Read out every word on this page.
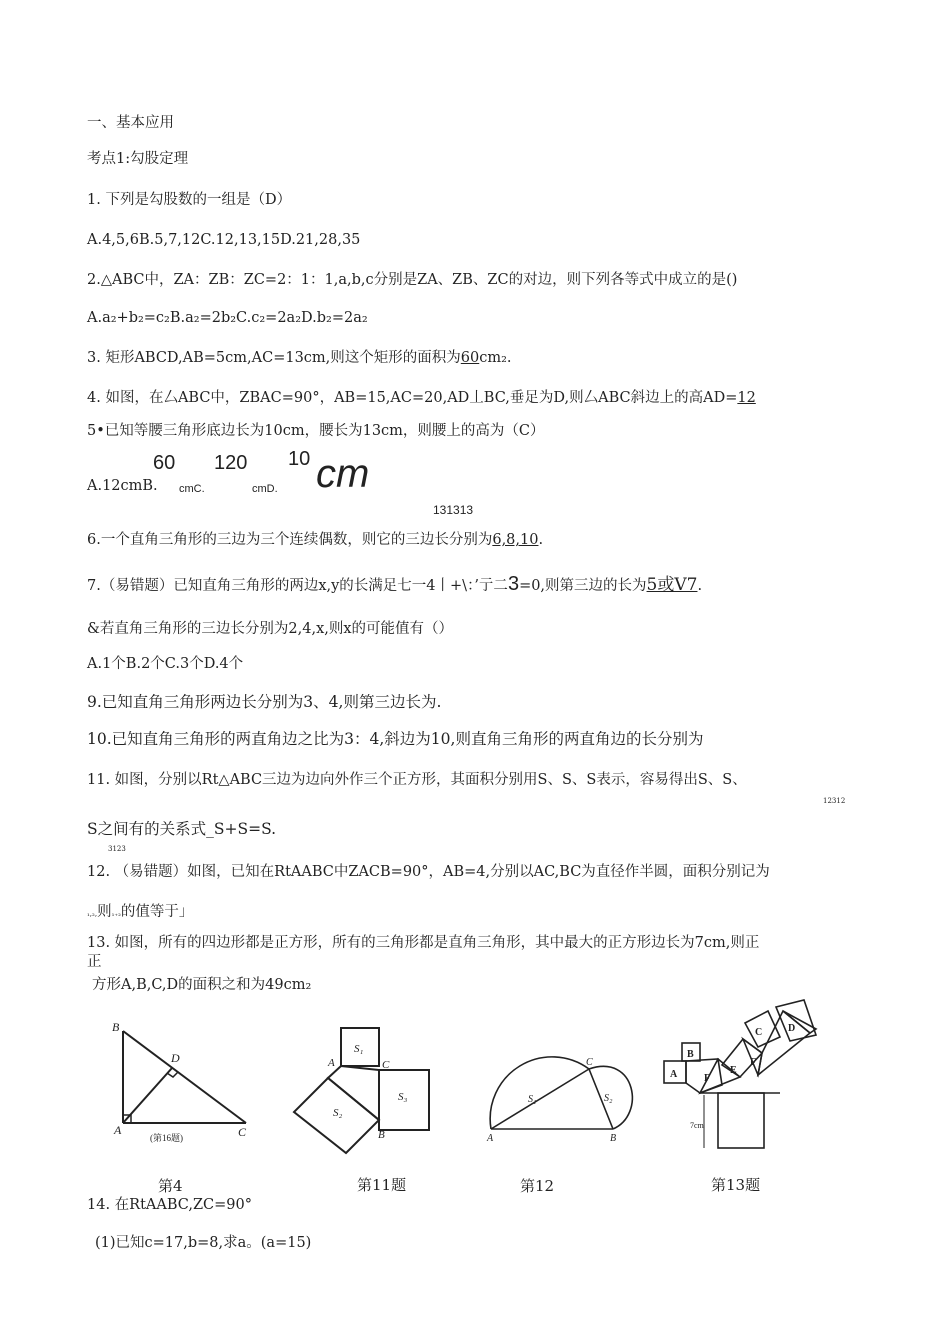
一、基本应用
考点1:勾股定理
1. 下列是勾股数的一组是（D）
A.4,5,6B.5,7,12C.12,13,15D.21,28,35
2.△ABC中，ZA：ZB：ZC=2：1：1,a,b,c分别是ZA、ZB、ZC的对边，则下列各等式中成立的是()
A.a₂+b₂=c₂B.a₂=2b₂C.c₂=2a₂D.b₂=2a₂
3. 矩形ABCD,AB=5cm,AC=13cm,则这个矩形的面积为60cm₂.
4. 如图，在厶ABC中，ZBAC=90°，AB=15,AC=20,AD丄BC,垂足为D,则厶ABC斜边上的高AD=12
5•已知等腰三角形底边长为10cm，腰长为13cm，则腰上的高为（C）
A.12cmB.
60
cmC.
120
cmD.
10 cm
131313
6.一个直角三角形的三边为三个连续偶数，则它的三边长分别为6,8,10.
7.（易错题）已知直角三角形的两边x,y的长满足七一4丨+\：’亍二3=0,则第三边的长为5或V7.
&若直角三角形的三边长分别为2,4,x,则x的可能值有（）
A.1个B.2个C.3个D.4个
9.已知直角三角形两边长分别为3、4,则第三边长为.
10.已知直角三角形的两直角边之比为3：4,斜边为10,则直角三角形的两直角边的长分别为
11. 如图，分别以Rt△ABC三边为边向外作三个正方形，其面积分别用S、S、S表示，容易得出S、S、
12312
S之间有的关系式_S+S=S.
3123
12. （易错题）如图，已知在RtAABC中ZACB=90°，AB=4,分别以AC,BC为直径作半圆，面积分别记为
₁,₂,则₁₊₂的值等于」
13. 如图，所有的四边形都是正方形，所有的三角形都是直角三角形，其中最大的正方形边长为7cm,则正
正
方形A,B,C,D的面积之和为49cm₂
B
D
A	C
(第16题)
S₁
A	C
S₂
S₃
B
C
S₁	S₂
A	B
C	D
B
F
A	F
E
7cm
第4	第11题	第12	第13题
14. 在RtAABC,ZC=90°
(1)已知c=17,b=8,求a。(a=15)
